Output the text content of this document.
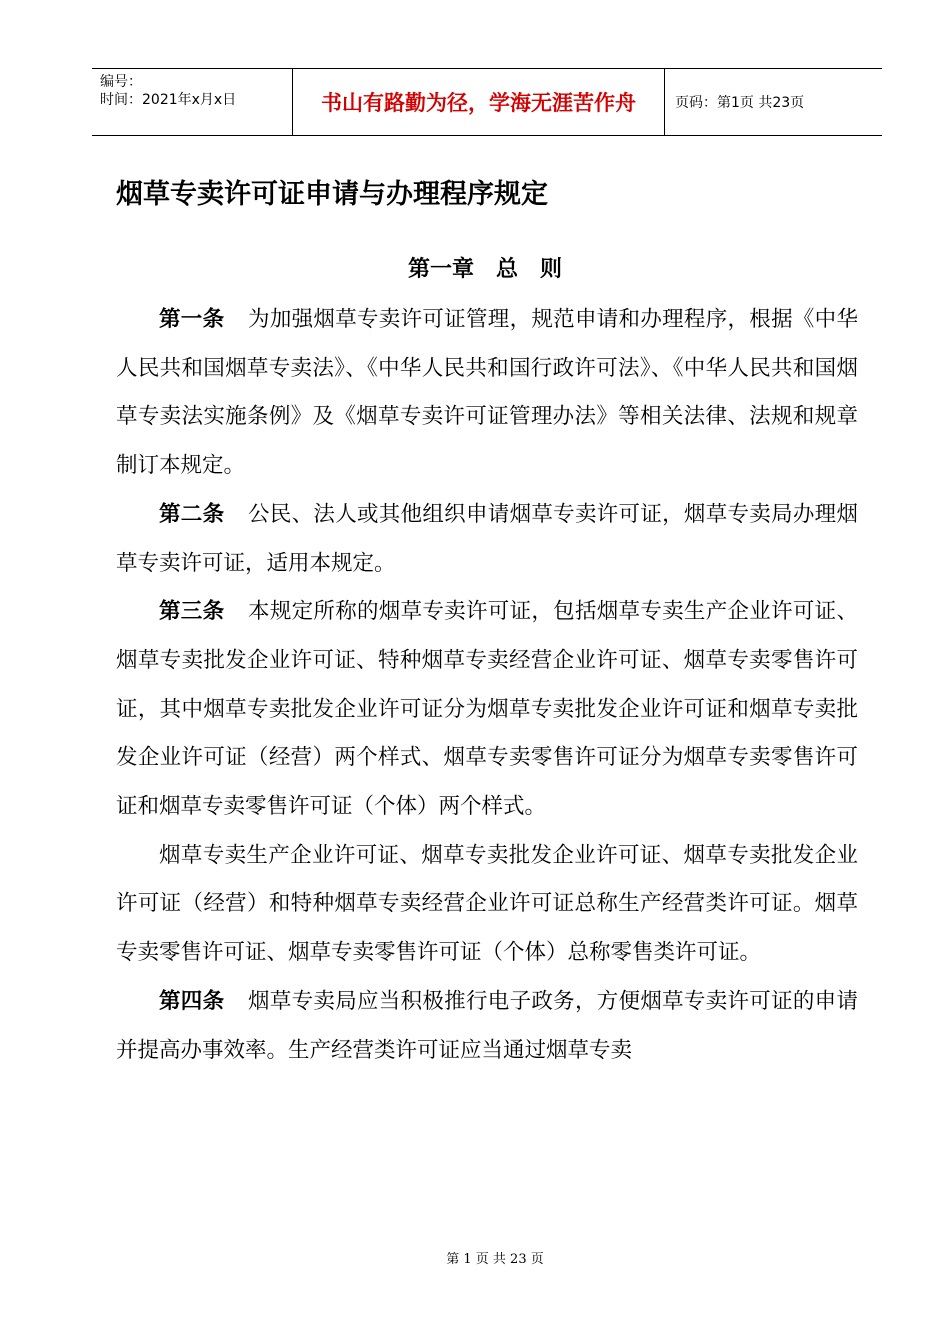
编号：
时间：2021年x月x日	书山有路勤为径，学海无涯苦作舟	页码：第1页 共23页
烟草专卖许可证申请与办理程序规定
第一章　总　则

第一条 为加强烟草专卖许可证管理，规范申请和办理程序，根据《中华人民共和国烟草专卖法》、《中华人民共和国行政许可法》、《中华人民共和国烟草专卖法实施条例》及《烟草专卖许可证管理办法》等相关法律、法规和规章制订本规定。

第二条 公民、法人或其他组织申请烟草专卖许可证，烟草专卖局办理烟草专卖许可证，适用本规定。

第三条 本规定所称的烟草专卖许可证，包括烟草专卖生产企业许可证、烟草专卖批发企业许可证、特种烟草专卖经营企业许可证、烟草专卖零售许可证，其中烟草专卖批发企业许可证分为烟草专卖批发企业许可证和烟草专卖批发企业许可证（经营）两个样式、烟草专卖零售许可证分为烟草专卖零售许可证和烟草专卖零售许可证（个体）两个样式。

烟草专卖生产企业许可证、烟草专卖批发企业许可证、烟草专卖批发企业许可证（经营）和特种烟草专卖经营企业许可证总称生产经营类许可证。烟草专卖零售许可证、烟草专卖零售许可证（个体）总称零售类许可证。

第四条 烟草专卖局应当积极推行电子政务，方便烟草专卖许可证的申请并提高办事效率。生产经营类许可证应当通过烟草专卖

第 1 页 共 23 页
